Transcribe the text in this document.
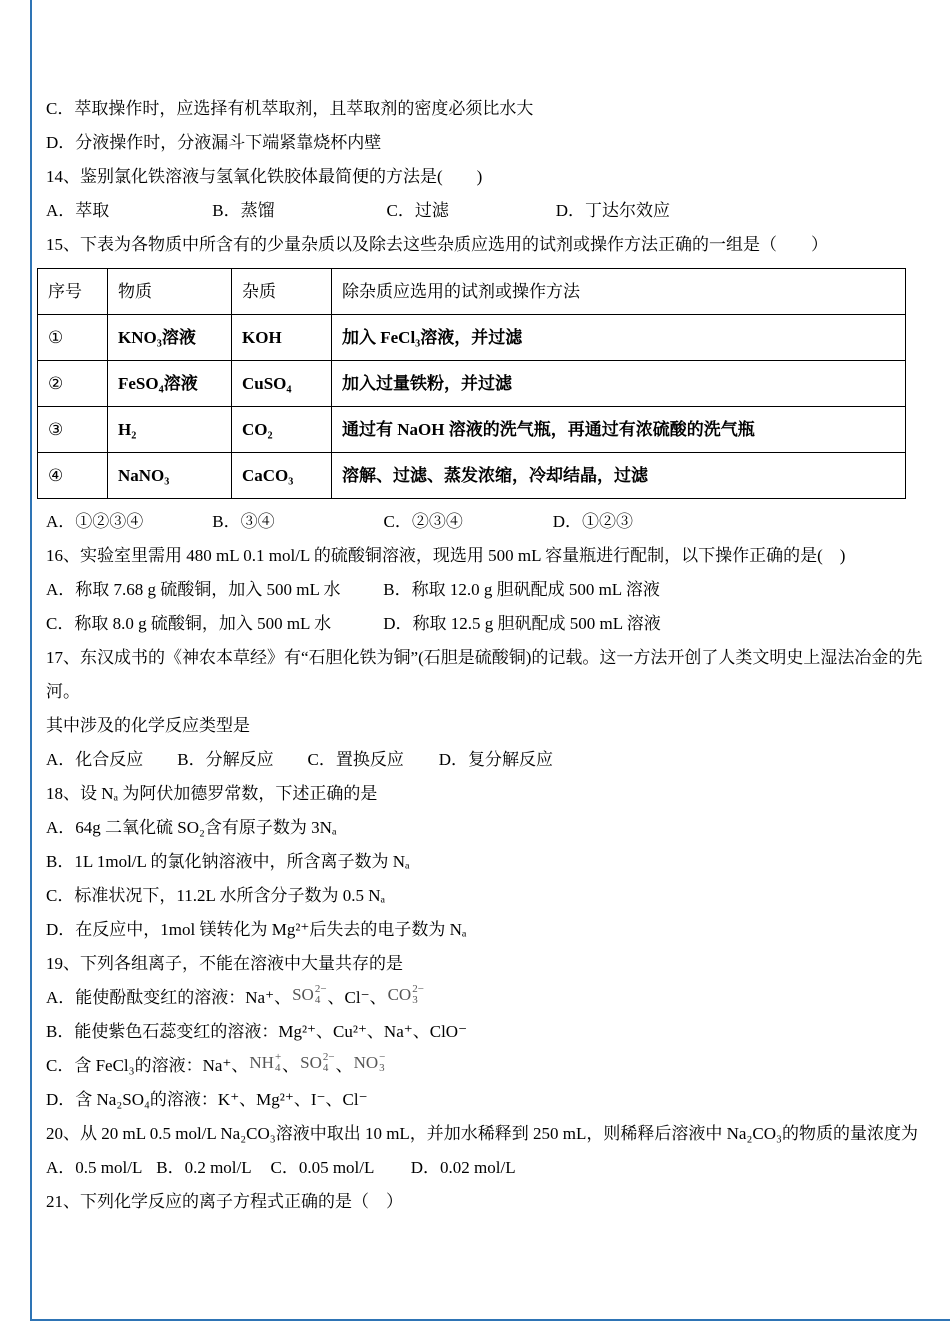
C．萃取操作时，应选择有机萃取剂，且萃取剂的密度必须比水大

D．分液操作时，分液漏斗下端紧靠烧杯内壁

14、鉴别氯化铁溶液与氢氧化铁胶体最简便的方法是(　　)

A．萃取	B．蒸馏	C．过滤	D．丁达尔效应

15、下表为各物质中所含有的少量杂质以及除去这些杂质应选用的试剂或操作方法正确的一组是（　　）

序号	物质	杂质	除杂质应选用的试剂或操作方法
①	KNO₃溶液	KOH	加入 FeCl₃溶液，并过滤
②	FeSO₄溶液	CuSO₄	加入过量铁粉，并过滤
③	H₂	CO₂	通过有 NaOH 溶液的洗气瓶，再通过有浓硫酸的洗气瓶
④	NaNO₃	CaCO₃	溶解、过滤、蒸发浓缩，冷却结晶，过滤

A．①②③④	B．③④	C．②③④	D．①②③

16、实验室里需用 480 mL 0.1 mol/L 的硫酸铜溶液，现选用 500 mL 容量瓶进行配制，以下操作正确的是(　)

A．称取 7.68 g 硫酸铜，加入 500 mL 水	B．称取 12.0 g 胆矾配成 500 mL 溶液

C．称取 8.0 g 硫酸铜，加入 500 mL 水	D．称取 12.5 g 胆矾配成 500 mL 溶液

17、东汉成书的《神农本草经》有“石胆化铁为铜”(石胆是硫酸铜)的记载。这一方法开创了人类文明史上湿法冶金的先河。

其中涉及的化学反应类型是

A．化合反应 B．分解反应 C．置换反应 D．复分解反应

18、设 Nₐ 为阿伏加德罗常数，下述正确的是

A．64g 二氧化硫 SO₂含有原子数为 3Nₐ

B．1L 1mol/L 的氯化钠溶液中，所含离子数为 Nₐ

C．标准状况下，11.2L 水所含分子数为 0.5 Nₐ

D．在反应中，1mol 镁转化为 Mg²⁺后失去的电子数为 Nₐ

19、下列各组离子，不能在溶液中大量共存的是

A．能使酚酞变红的溶液：Na⁺、 SO 2−
4 、Cl⁻、 CO 2−
3

B．能使紫色石蕊变红的溶液：Mg²⁺、Cu²⁺、Na⁺、ClO⁻

C．含 FeCl₃的溶液：Na⁺、 NH +
4 、 SO 2−
4 、 NO −
3

D．含 Na₂SO₄的溶液：K⁺、Mg²⁺、I⁻、Cl⁻

20、从 20 mL 0.5 mol/L Na₂CO₃溶液中取出 10 mL，并加水稀释到 250 mL，则稀释后溶液中 Na₂CO₃的物质的量浓度为

A．0.5 mol/L B．0.2 mol/L C．0.05 mol/L D．0.02 mol/L

21、下列化学反应的离子方程式正确的是（　）
